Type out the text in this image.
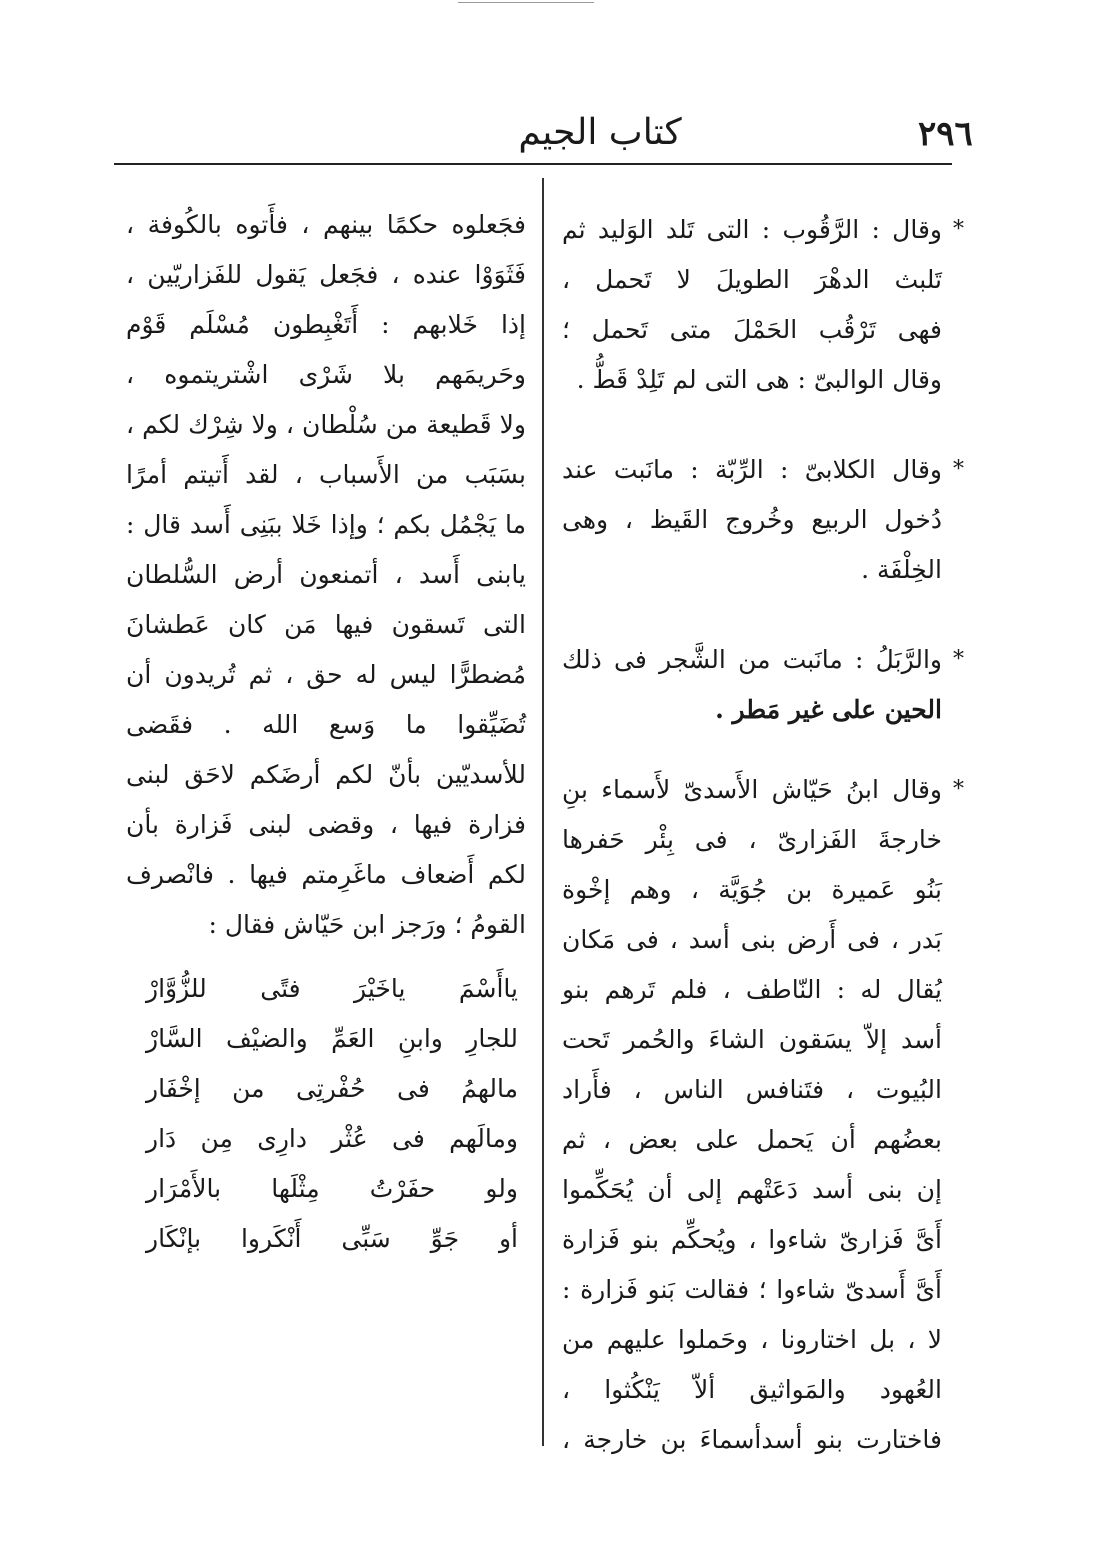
٢٩٦
كتاب الجيم
*
وقال : الرَّقُوب : التى تَلد الوَليد ثم
تَلبث الدهْرَ الطويلَ لا تَحمل ،
فهى تَرْقُب الحَمْلَ متى تَحمل ؛
وقال الوالبىّ : هى التى لم تَلِدْ قَطُّ .
*
وقال الكلابىّ : الرِّبّة : مانَبت عند
دُخول الربيع وخُروج القَيظ ، وهى
الخِلْفَة .
*
والرَّبَلُ : مانَبت من الشَّجر فى ذلك
الحين على غير مَطر .
*
وقال ابنُ حَيّاش الأَسدىّ لأَسماء بنِ
خارجةَ الفَزارىّ ، فى بِئْر حَفرها
بَنُو عَميرة بن جُوَيَّة ، وهم إخْوة
بَدر ، فى أَرض بنى أسد ، فى مَكان
يُقال له : النّاطف ، فلم تَرهم بنو
أسد إلاّ يسَقون الشاءَ والحُمر تَحت
البُيوت ، فتَنافس الناس ، فأَراد
بعضُهم أن يَحمل على بعض ، ثم
إن بنى أسد دَعَتْهم إلى أن يُحَكِّموا
أَىَّ فَزارىّ شاءوا ، ويُحكِّم بنو فَزارة
أَىَّ أَسدىّ شاءوا ؛ فقالت بَنو فَزارة :
لا ، بل اختارونا ، وحَملوا عليهم من
العُهود والمَواثيق ألاّ يَنْكُثوا ،
فاختارت بنو أسدأسماءَ بن خارجة ،
فجَعلوه حكمًا بينهم ، فأَتوه بالكُوفة ،
فَثَوَوْا عنده ، فجَعل يَقول للفَزاريّين ،
إذا خَلابهم : أَتَغْبِطون مُسْلَم قَوْم
وحَريمَهم بلا شَرْى اشْتريتموه ،
ولا قَطيعة من سُلْطان ، ولا شِرْك لكم ،
بسَبَب من الأَسباب ، لقد أَتيتم أمرًا
ما يَجْمُل بكم ؛ وإذا خَلا ببَنِى أَسد قال :
يابنى أَسد ، أتمنعون أرض السُّلطان
التى تَسقون فيها مَن كان عَطشانَ
مُضطرًّا ليس له حق ، ثم تُريدون أن
تُضَيِّقوا ما وَسع الله . فقَضى
للأسديّين بأنّ لكم أرضَكم لاحَق لبنى
فزارة فيها ، وقضى لبنى فَزارة بأن
لكم أَضعاف ماغَرِمتم فيها . فانْصرف
القومُ ؛ ورَجز ابن حَيّاش فقال :
ياأَسْمَ ياخَيْرَ فتًى للزُّوَّارْ
للجارِ وابنِ العَمِّ والضيْف السَّارْ
مالهمُ فى حُفْرتِى من إخْفَار
ومالَهم فى عُثْر دارِى مِن دَار
ولو حفَرْتُ مِثْلَها بالأَمْرَار
أو جَوِّ سَبِّى أَنْكَروا بإنْكَار
